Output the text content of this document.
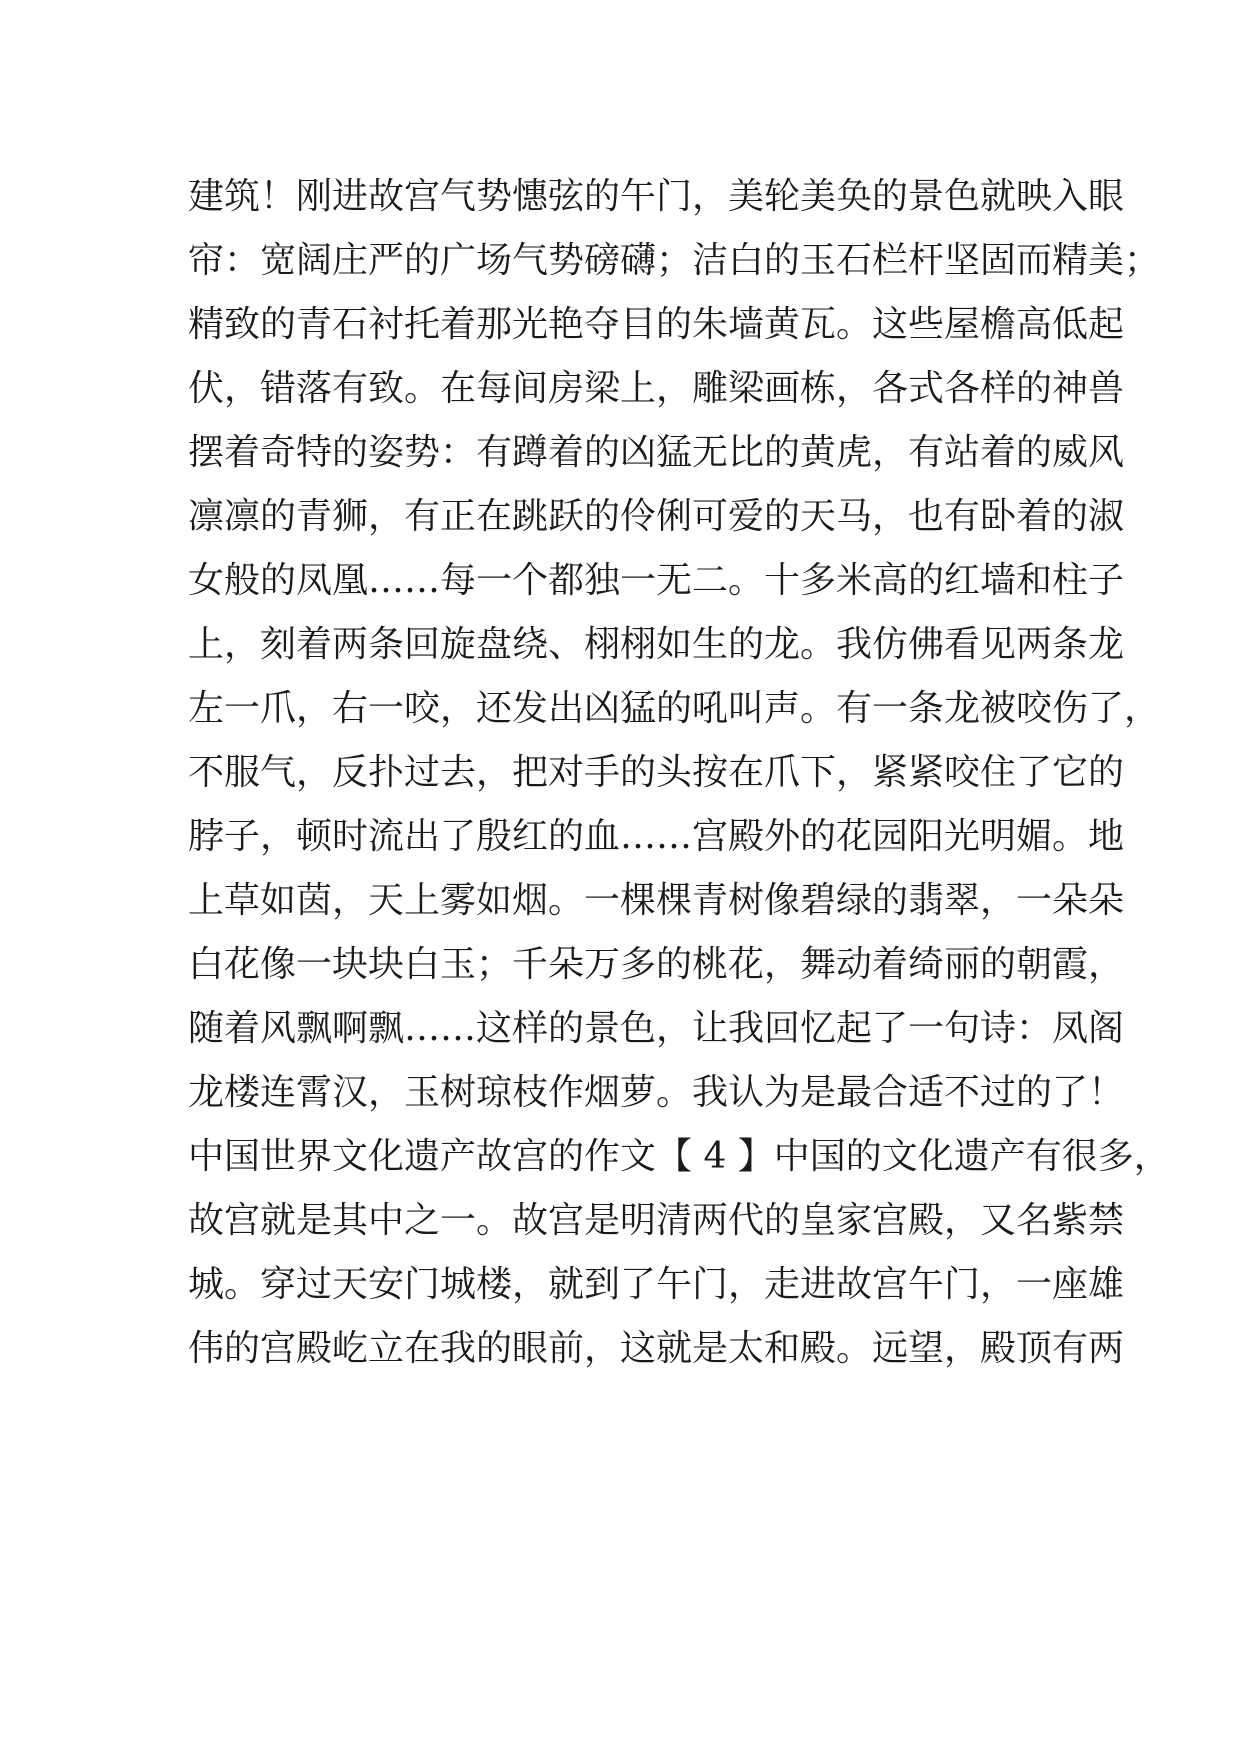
建筑！刚进故宫气势憓弦的午门，美轮美奂的景色就映入眼
帘：宽阔庄严的广场气势磅礴；洁白的玉石栏杆坚固而精美；
精致的青石衬托着那光艳夺目的朱墙黄瓦。这些屋檐高低起
伏，错落有致。在每间房梁上，雕梁画栋，各式各样的神兽
摆着奇特的姿势：有蹲着的凶猛无比的黄虎，有站着的威风
凛凛的青狮，有正在跳跃的伶俐可爱的天马，也有卧着的淑
女般的凤凰……每一个都独一无二。十多米高的红墙和柱子
上，刻着两条回旋盘绕、栩栩如生的龙。我仿佛看见两条龙
左一爪，右一咬，还发出凶猛的吼叫声。有一条龙被咬伤了，
不服气，反扑过去，把对手的头按在爪下，紧紧咬住了它的
脖子，顿时流出了殷红的血……宫殿外的花园阳光明媚。地
上草如茵，天上雾如烟。一棵棵青树像碧绿的翡翠，一朵朵
白花像一块块白玉；千朵万多的桃花，舞动着绮丽的朝霞，
随着风飘啊飘……这样的景色，让我回忆起了一句诗：凤阁
龙楼连霄汉，玉树琼枝作烟萝。我认为是最合适不过的了！
中国世界文化遗产故宫的作文【 4 】中国的文化遗产有很多，
故宫就是其中之一。故宫是明清两代的皇家宫殿，又名紫禁
城。穿过天安门城楼，就到了午门，走进故宫午门，一座雄
伟的宫殿屹立在我的眼前，这就是太和殿。远望，殿顶有两
